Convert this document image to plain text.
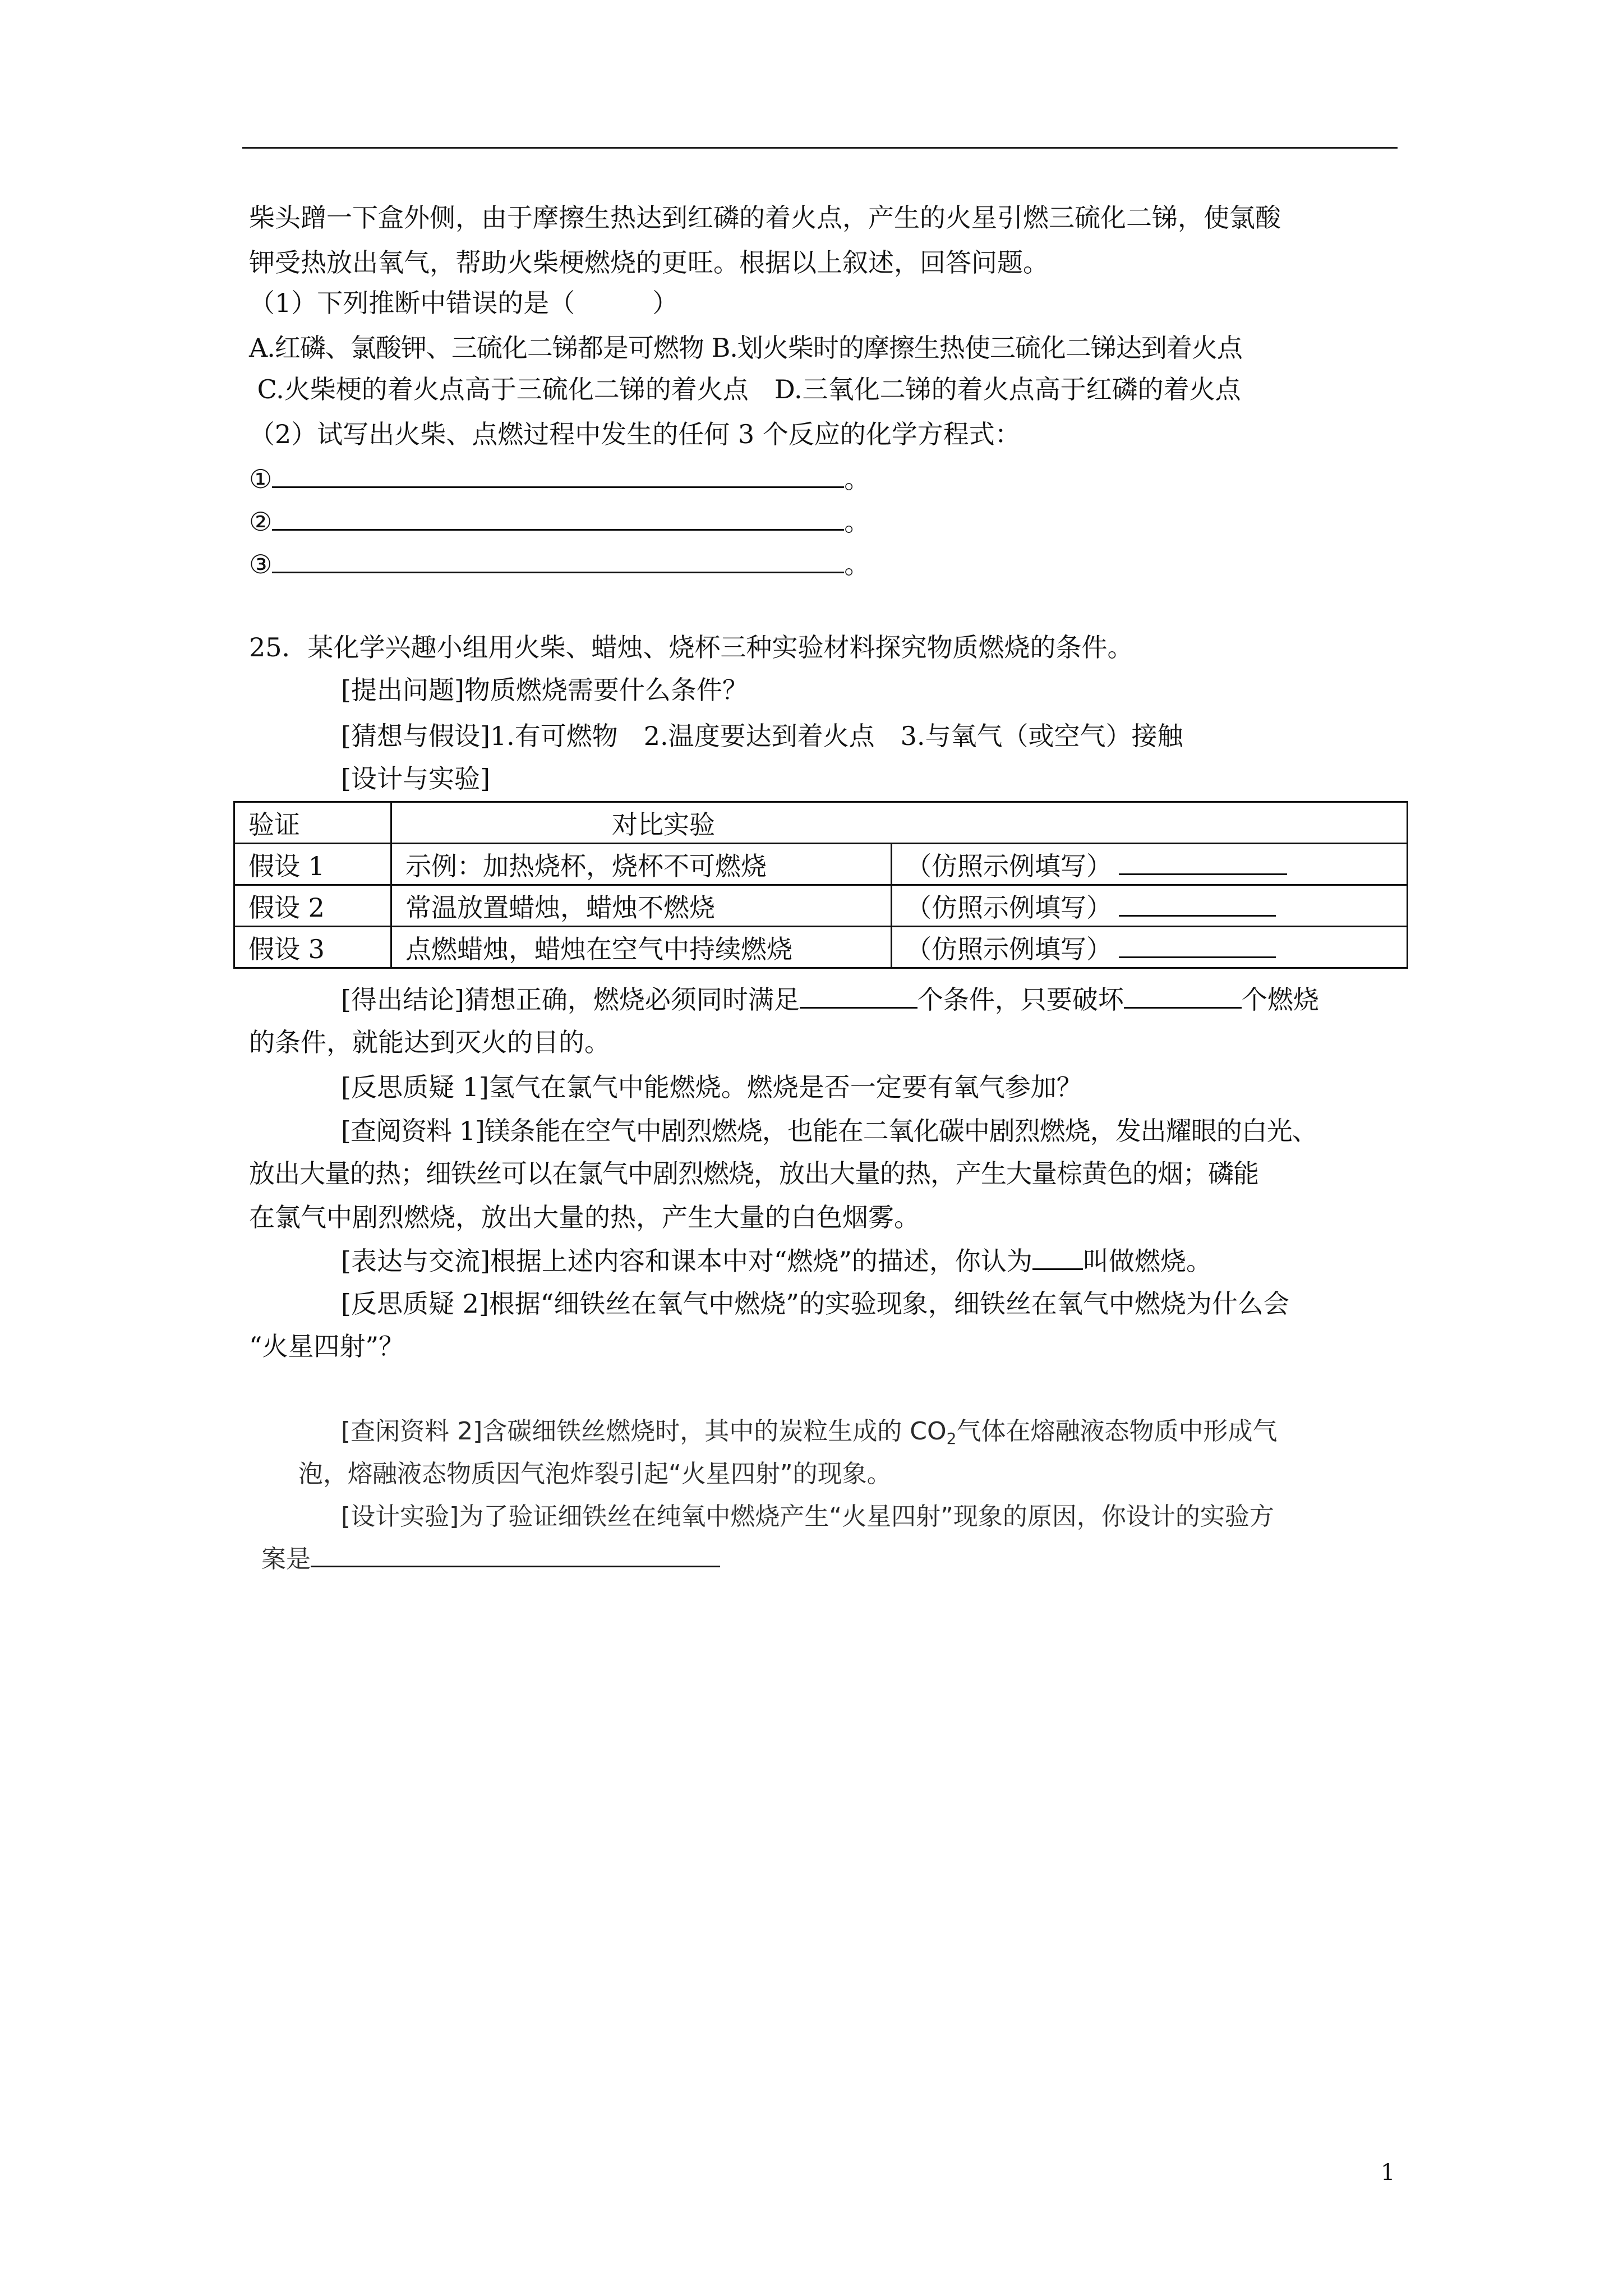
柴头蹭一下盒外侧，由于摩擦生热达到红磷的着火点，产生的火星引燃三硫化二锑，使氯酸
钾受热放出氧气，帮助火柴梗燃烧的更旺。根据以上叙述，回答问题。
（1）下列推断中错误的是（　　　）
A.红磷、氯酸钾、三硫化二锑都是可燃物 B.划火柴时的摩擦生热使三硫化二锑达到着火点
C.火柴梗的着火点高于三硫化二锑的着火点　 D.三氧化二锑的着火点高于红磷的着火点
（2）试写出火柴、点燃过程中发生的任何 3 个反应的化学方程式：
①	。
②	。
③	。
25．某化学兴趣小组用火柴、蜡烛、烧杯三种实验材料探究物质燃烧的条件。
[提出问题]物质燃烧需要什么条件？
[猜想与假设]1.有可燃物　2.温度要达到着火点　3.与氧气（或空气）接触
[设计与实验]
验证	对比实验	
假设 1	示例：加热烧杯，烧杯不可燃烧	（仿照示例填写）
假设 2	常温放置蜡烛，蜡烛不燃烧	（仿照示例填写）
假设 3	点燃蜡烛，蜡烛在空气中持续燃烧	（仿照示例填写）
[得出结论]猜想正确，燃烧必须同时满足	个条件，只要破坏	个燃烧
的条件，就能达到灭火的目的。
[反思质疑 1]氢气在氯气中能燃烧。燃烧是否一定要有氧气参加？
[查阅资料 1]镁条能在空气中剧烈燃烧，也能在二氧化碳中剧烈燃烧，发出耀眼的白光、
放出大量的热；细铁丝可以在氯气中剧烈燃烧，放出大量的热，产生大量棕黄色的烟；磷能
在氯气中剧烈燃烧，放出大量的热，产生大量的白色烟雾。
[表达与交流]根据上述内容和课本中对“燃烧”的描述，你认为 叫做燃烧。
[反思质疑 2]根据“细铁丝在氧气中燃烧”的实验现象，细铁丝在氧气中燃烧为什么会
“火星四射”？
[查闲资料 2]含碳细铁丝燃烧时，其中的炭粒生成的 $CO_2$气体在熔融液态物质中形成气
泡，熔融液态物质因气泡炸裂引起“火星四射”的现象。
[设计实验]为了验证细铁丝在纯氧中燃烧产生“火星四射”现象的原因，你设计的实验方
案是
1
